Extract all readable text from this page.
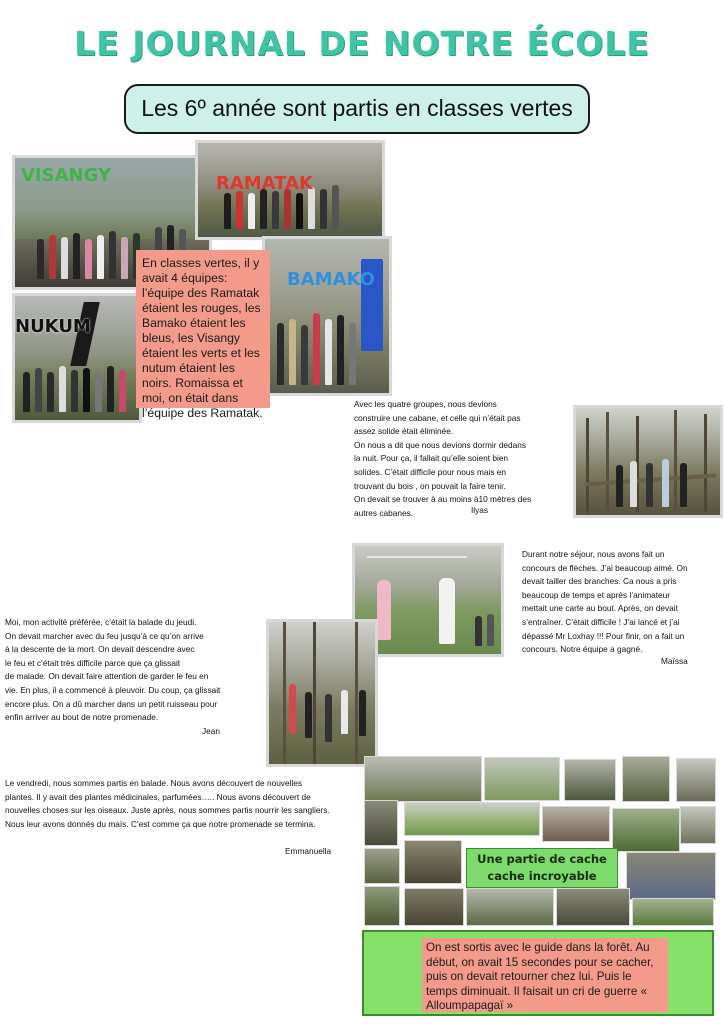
LE JOURNAL DE NOTRE ÉCOLE
Les 6º année sont partis en classes vertes
VISANGY	RAMATAK
BAMAKO
NUKUM
En classes vertes, il y avait 4 équipes: l’équipe des Ramatak étaient les rouges, les Bamako étaient les bleus, les Visangy étaient les verts et les nutum étaient les noirs. Romaissa et moi, on était dans l’équipe des Ramatak.
Avec les quatre groupes, nous devions
construire une cabane, et celle qui n’était pas
assez solide était éliminée.
On nous a dit que nous devions dormir dedans
la nuit. Pour ça, il fallait qu’elle soient bien
solides. C’était difficile pour nous mais en
trouvant du bois , on pouvait la faire tenir.
On devait se trouver à au moins à10 mètres des
autres cabanes.	Ilyas
Durant notre séjour, nous avons fait un
concours de flèches. J’ai beaucoup aimé. On
devait tailler des branches. Ca nous a pris
beaucoup de temps et après l’animateur
mettait une carte au bout. Après, on devait
s’entraîner. C’était difficile ! J’ai lancé et j’ai
dépassé Mr Loxhay !!! Pour finir, on a fait un
concours. Notre équipe a gagné.
Maïssa
Moi, mon activité préférée, c’était la balade du jeudi.
On devait marcher avec du feu jusqu’à ce qu’on arrive
à la descente de la mort. On devait descendre avec
le feu et c’était très difficile parce que ça glissait
de malade. On devait faire attention de garder le feu en
vie. En plus, il a commencé à pleuvoir. Du coup, ça glissait
encore plus. On a dû marcher dans un petit ruisseau pour
enfin arriver au bout de notre promenade.
Jean
Le vendredi, nous sommes partis en balade. Nous avons découvert de nouvelles
plantes. Il y avait des plantes médicinales, parfumées….. Nous avons découvert de
nouvelles choses sur les oiseaux. Juste après, nous sommes partis nourrir les sangliers.
Nous leur avons donnés du maïs. C’est comme ça que notre promenade se termina.
Emmanuella
Une partie de cache cache incroyable
On est sortis avec le guide dans la forêt. Au début, on avait 15 secondes pour se cacher, puis on devait retourner chez lui. Puis le temps diminuait. Il faisait un cri de guerre « Alloumpapagaï »
